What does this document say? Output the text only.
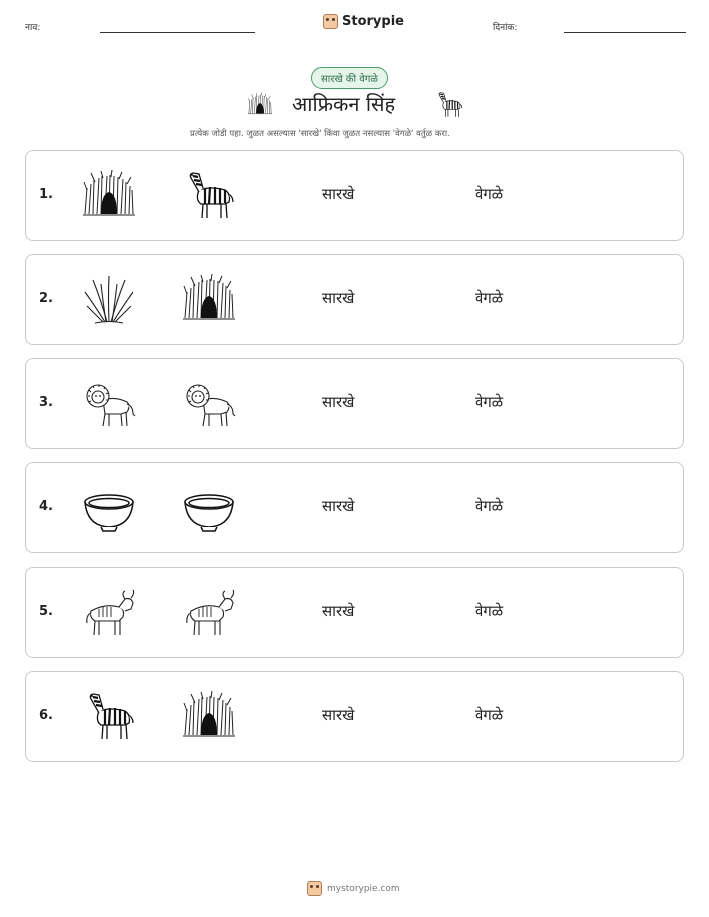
नाव:	Storypie	दिनांक:
सारखे की वेगळे
आफ्रिकन सिंह
प्रत्येक जोडी पहा. जुळत असल्यास 'सारखे' किंवा जुळत नसल्यास 'वेगळे' वर्तुळ करा.
1.	सारखे	वेगळे
2.	सारखे	वेगळे
3.	सारखे	वेगळे
4.	सारखे	वेगळे
5.	सारखे	वेगळे
6.	सारखे	वेगळे
mystorypie.com
